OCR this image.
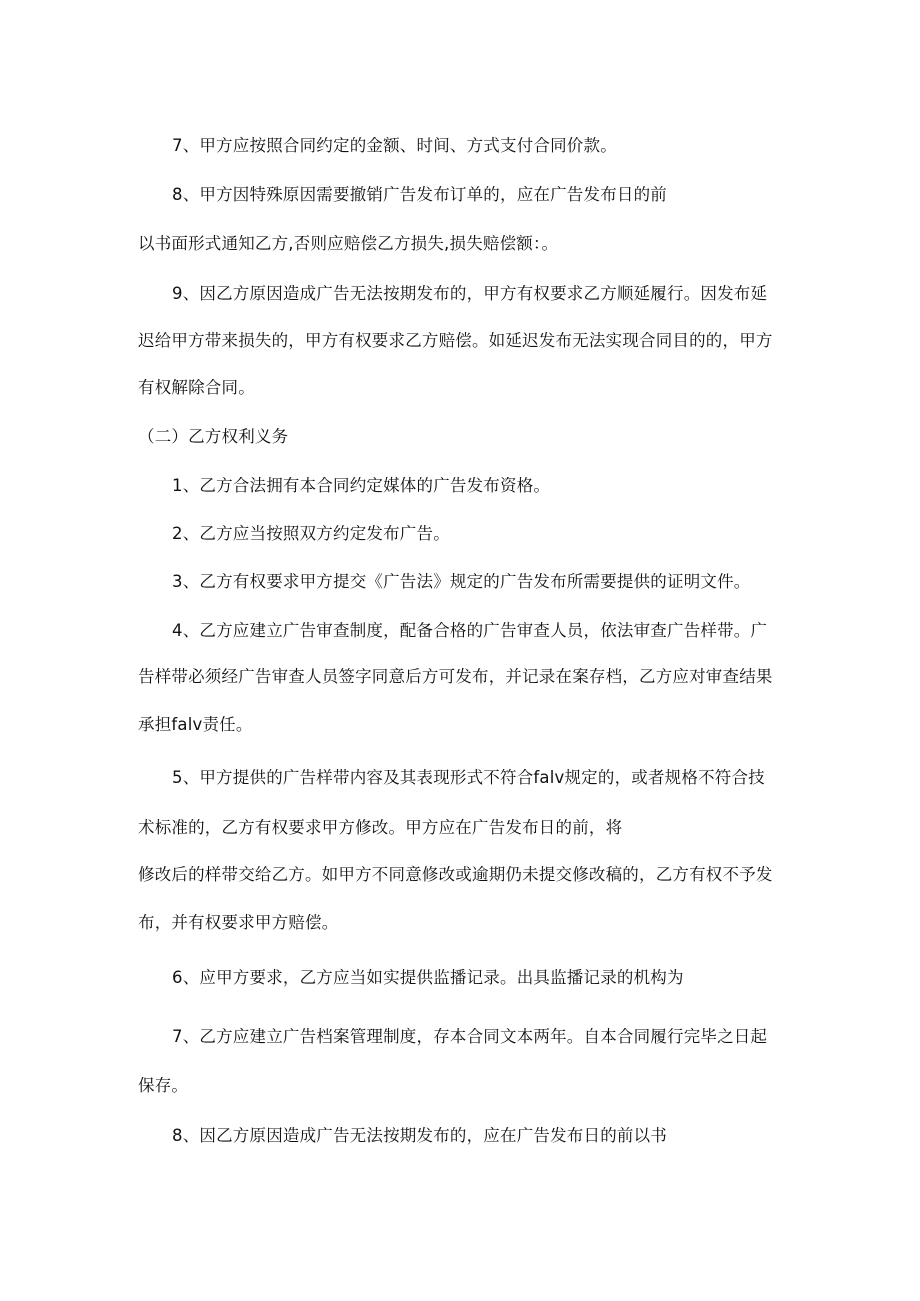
7、甲方应按照合同约定的金额、时间、方式支付合同价款。
8、甲方因特殊原因需要撤销广告发布订单的，应在广告发布日的前
以书面形式通知乙方,否则应赔偿乙方损失,损失赔偿额：。
9、因乙方原因造成广告无法按期发布的，甲方有权要求乙方顺延履行。因发布延
迟给甲方带来损失的，甲方有权要求乙方赔偿。如延迟发布无法实现合同目的的，甲方
有权解除合同。
（二）乙方权利义务
1、乙方合法拥有本合同约定媒体的广告发布资格。
2、乙方应当按照双方约定发布广告。
3、乙方有权要求甲方提交《广告法》规定的广告发布所需要提供的证明文件。
4、乙方应建立广告审查制度，配备合格的广告审查人员，依法审查广告样带。广
告样带必须经广告审查人员签字同意后方可发布，并记录在案存档，乙方应对审查结果
承担falv责任。
5、甲方提供的广告样带内容及其表现形式不符合falv规定的，或者规格不符合技
术标准的，乙方有权要求甲方修改。甲方应在广告发布日的前，将
修改后的样带交给乙方。如甲方不同意修改或逾期仍未提交修改稿的，乙方有权不予发
布，并有权要求甲方赔偿。
6、应甲方要求，乙方应当如实提供监播记录。出具监播记录的机构为
7、乙方应建立广告档案管理制度，存本合同文本两年。自本合同履行完毕之日起
保存。
8、因乙方原因造成广告无法按期发布的，应在广告发布日的前以书
